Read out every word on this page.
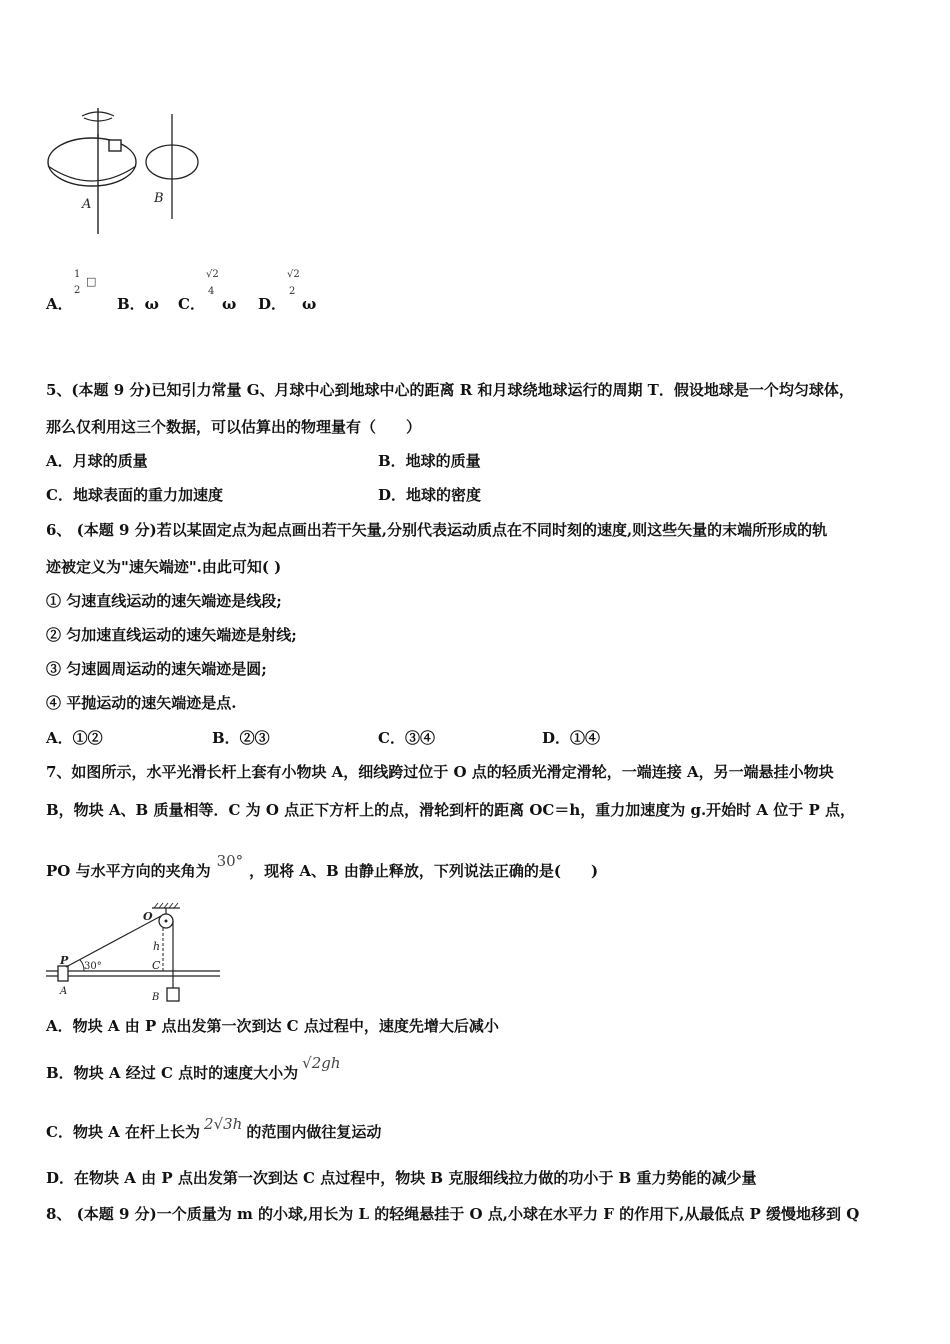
A	B
A．
1
2
□
B．ω C．
√2
4
ω D．
√2
2
ω
5、(本题 9 分)已知引力常量 G、月球中心到地球中心的距离 R 和月球绕地球运行的周期 T．假设地球是一个均匀球体，
那么仅利用这三个数据，可以估算出的物理量有（　　）
A．月球的质量	B．地球的质量
C．地球表面的重力加速度	D．地球的密度
6、 (本题 9 分)若以某固定点为起点画出若干矢量,分别代表运动质点在不同时刻的速度,则这些矢量的末端所形成的轨
迹被定义为"速矢端迹".由此可知( )
① 匀速直线运动的速矢端迹是线段;
② 匀加速直线运动的速矢端迹是射线;
③ 匀速圆周运动的速矢端迹是圆;
④ 平抛运动的速矢端迹是点.
A．①②	B．②③	C．③④	D．①④
7、如图所示，水平光滑长杆上套有小物块 A，细线跨过位于 O 点的轻质光滑定滑轮，一端连接 A，另一端悬挂小物块
B，物块 A、B 质量相等．C 为 O 点正下方杆上的点，滑轮到杆的距离 OC＝h，重力加速度为 g.开始时 A 位于 P 点，
PO 与水平方向的夹角为30°，现将 A、B 由静止释放，下列说法正确的是(　　)
O
P
h
C
A
B
30°
A．物块 A 由 P 点出发第一次到达 C 点过程中，速度先增大后减小
B．物块 A 经过 C 点时的速度大小为√2gh
C．物块 A 在杆上长为 2√3h 的范围内做往复运动
D．在物块 A 由 P 点出发第一次到达 C 点过程中，物块 B 克服细线拉力做的功小于 B 重力势能的减少量
8、 (本题 9 分)一个质量为 m 的小球,用长为 L 的轻绳悬挂于 O 点,小球在水平力 F 的作用下,从最低点 P 缓慢地移到 Q
